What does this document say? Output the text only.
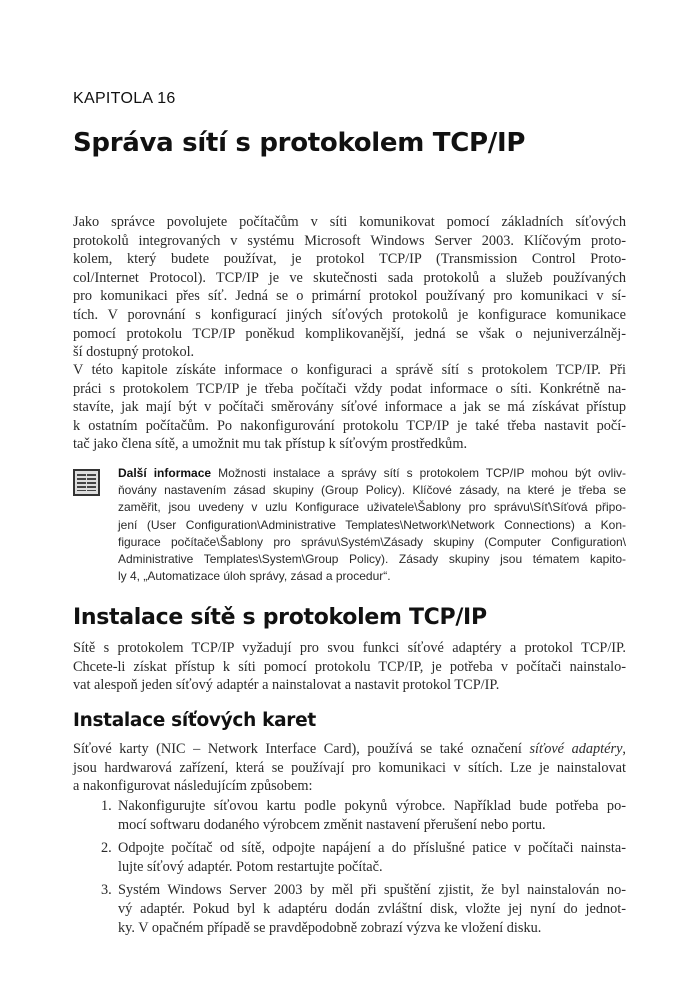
KAPITOLA 16
Správa sítí s protokolem TCP/IP
Jako správce povolujete počítačům v síti komunikovat pomocí základních síťových
protokolů integrovaných v systému Microsoft Windows Server 2003. Klíčovým proto-
kolem, který budete používat, je protokol TCP/IP (Transmission Control Proto-
col/Internet Protocol). TCP/IP je ve skutečnosti sada protokolů a služeb používaných
pro komunikaci přes síť. Jedná se o primární protokol používaný pro komunikaci v sí-
tích. V porovnání s konfigurací jiných síťových protokolů je konfigurace komunikace
pomocí protokolu TCP/IP poněkud komplikovanější, jedná se však o nejuniverzálněj-
ší dostupný protokol.
V této kapitole získáte informace o konfiguraci a správě sítí s protokolem TCP/IP. Při
práci s protokolem TCP/IP je třeba počítači vždy podat informace o síti. Konkrétně na-
stavíte, jak mají být v počítači směrovány síťové informace a jak se má získávat přístup
k ostatním počítačům. Po nakonfigurování protokolu TCP/IP je také třeba nastavit počí-
tač jako člena sítě, a umožnit mu tak přístup k síťovým prostředkům.
Další informace Možnosti instalace a správy sítí s protokolem TCP/IP mohou být ovliv-
ňovány nastavením zásad skupiny (Group Policy). Klíčové zásady, na které je třeba se
zaměřit, jsou uvedeny v uzlu Konfigurace uživatele\Šablony pro správu\Síť\Síťová připo-
jení (User Configuration\Administrative Templates\Network\Network Connections) a Kon-
figurace počítače\Šablony pro správu\Systém\Zásady skupiny (Computer Configuration\
Administrative Templates\System\Group Policy). Zásady skupiny jsou tématem kapito-
ly 4, „Automatizace úloh správy, zásad a procedur“.
Instalace sítě s protokolem TCP/IP
Sítě s protokolem TCP/IP vyžadují pro svou funkci síťové adaptéry a protokol TCP/IP.
Chcete-li získat přístup k síti pomocí protokolu TCP/IP, je potřeba v počítači nainstalo-
vat alespoň jeden síťový adaptér a nainstalovat a nastavit protokol TCP/IP.
Instalace síťových karet
Síťové karty (NIC – Network Interface Card), používá se také označení síťové adaptéry,
jsou hardwarová zařízení, která se používají pro komunikaci v sítích. Lze je nainstalovat
a nakonfigurovat následujícím způsobem:
1. Nakonfigurujte síťovou kartu podle pokynů výrobce. Například bude potřeba po-
mocí softwaru dodaného výrobcem změnit nastavení přerušení nebo portu.
2. Odpojte počítač od sítě, odpojte napájení a do příslušné patice v počítači nainsta-
lujte síťový adaptér. Potom restartujte počítač.
3. Systém Windows Server 2003 by měl při spuštění zjistit, že byl nainstalován no-
vý adaptér. Pokud byl k adaptéru dodán zvláštní disk, vložte jej nyní do jednot-
ky. V opačném případě se pravděpodobně zobrazí výzva ke vložení disku.
